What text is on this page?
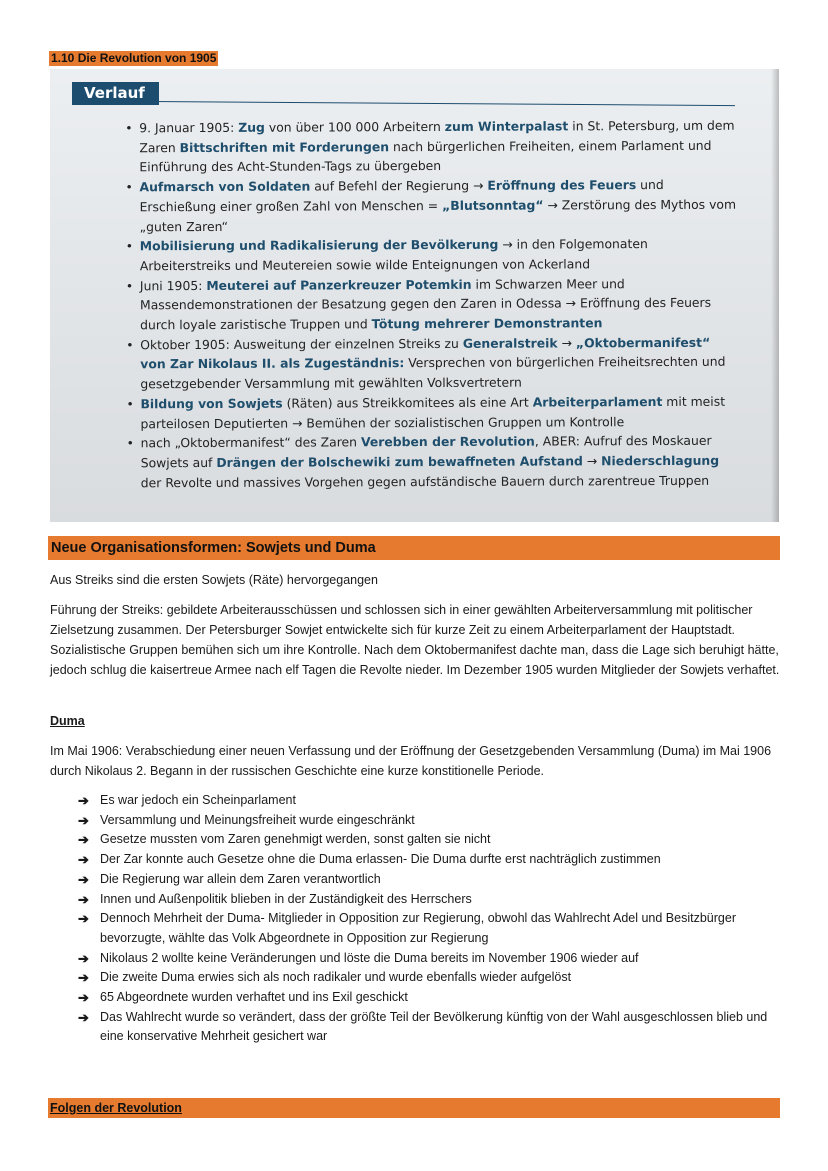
1.10 Die Revolution von 1905
Verlauf
• 9. Januar 1905: Zug von über 100 000 Arbeitern zum Winterpalast in St. Petersburg, um dem Zaren Bittschriften mit Forderungen nach bürgerlichen Freiheiten, einem Parlament und Einführung des Acht-Stunden-Tags zu übergeben
• Aufmarsch von Soldaten auf Befehl der Regierung → Eröffnung des Feuers und Erschießung einer großen Zahl von Menschen = „Blutsonntag“ → Zerstörung des Mythos vom „guten Zaren“
• Mobilisierung und Radikalisierung der Bevölkerung → in den Folgemonaten Arbeiterstreiks und Meutereien sowie wilde Enteignungen von Ackerland
• Juni 1905: Meuterei auf Panzerkreuzer Potemkin im Schwarzen Meer und Massendemonstrationen der Besatzung gegen den Zaren in Odessa → Eröffnung des Feuers durch loyale zaristische Truppen und Tötung mehrerer Demonstranten
• Oktober 1905: Ausweitung der einzelnen Streiks zu Generalstreik → „Oktobermanifest“ von Zar Nikolaus II. als Zugeständnis: Versprechen von bürgerlichen Freiheitsrechten und gesetzgebender Versammlung mit gewählten Volksvertretern
• Bildung von Sowjets (Räten) aus Streikkomitees als eine Art Arbeiterparlament mit meist parteilosen Deputierten → Bemühen der sozialistischen Gruppen um Kontrolle
• nach „Oktobermanifest“ des Zaren Verebben der Revolution, ABER: Aufruf des Moskauer Sowjets auf Drängen der Bolschewiki zum bewaffneten Aufstand → Niederschlagung der Revolte und massives Vorgehen gegen aufständische Bauern durch zarentreue Truppen
Neue Organisationsformen: Sowjets und Duma

Aus Streiks sind die ersten Sowjets (Räte) hervorgegangen

Führung der Streiks: gebildete Arbeiterausschüssen und schlossen sich in einer gewählten Arbeiterversammlung mit politischer Zielsetzung zusammen. Der Petersburger Sowjet entwickelte sich für kurze Zeit zu einem Arbeiterparlament der Hauptstadt. Sozialistische Gruppen bemühen sich um ihre Kontrolle. Nach dem Oktobermanifest dachte man, dass die Lage sich beruhigt hätte, jedoch schlug die kaisertreue Armee nach elf Tagen die Revolte nieder. Im Dezember 1905 wurden Mitglieder der Sowjets verhaftet.

Duma

Im Mai 1906: Verabschiedung einer neuen Verfassung und der Eröffnung der Gesetzgebenden Versammlung (Duma) im Mai 1906 durch Nikolaus 2. Begann in der russischen Geschichte eine kurze konstitionelle Periode.

➔ Es war jedoch ein Scheinparlament
➔ Versammlung und Meinungsfreiheit wurde eingeschränkt
➔ Gesetze mussten vom Zaren genehmigt werden, sonst galten sie nicht
➔ Der Zar konnte auch Gesetze ohne die Duma erlassen- Die Duma durfte erst nachträglich zustimmen
➔ Die Regierung war allein dem Zaren verantwortlich
➔ Innen und Außenpolitik blieben in der Zuständigkeit des Herrschers
➔ Dennoch Mehrheit der Duma- Mitglieder in Opposition zur Regierung, obwohl das Wahlrecht Adel und Besitzbürger bevorzugte, wählte das Volk Abgeordnete in Opposition zur Regierung
➔ Nikolaus 2 wollte keine Veränderungen und löste die Duma bereits im November 1906 wieder auf
➔ Die zweite Duma erwies sich als noch radikaler und wurde ebenfalls wieder aufgelöst
➔ 65 Abgeordnete wurden verhaftet und ins Exil geschickt
➔ Das Wahlrecht wurde so verändert, dass der größte Teil der Bevölkerung künftig von der Wahl ausgeschlossen blieb und eine konservative Mehrheit gesichert war
Folgen der Revolution
